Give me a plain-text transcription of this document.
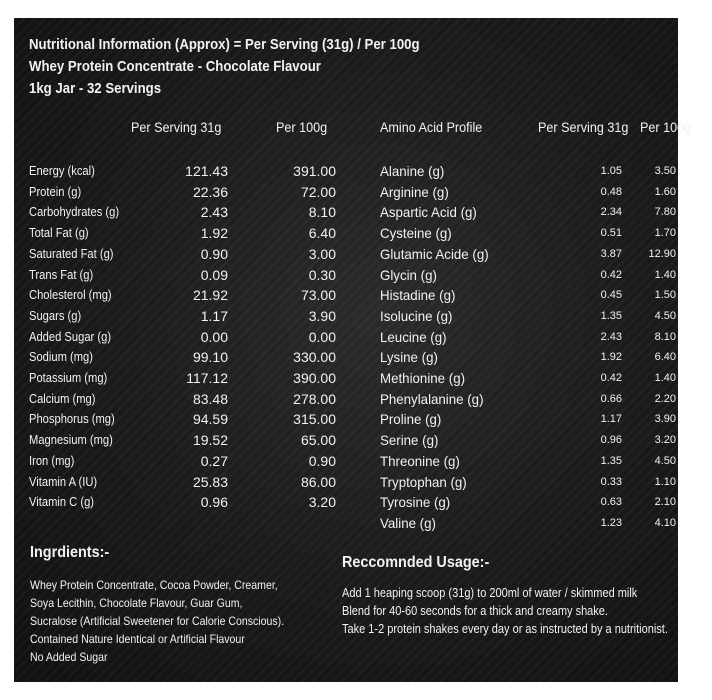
Nutritional Information (Approx) = Per Serving (31g) / Per 100g
Whey Protein Concentrate - Chocolate Flavour
1kg Jar - 32 Servings
Per Serving 31g	Per 100g	Amino Acid Profile	Per Serving 31g Per 100g
Energy (kcal)	121.43	391.00
Protein (g)	22.36	72.00
Carbohydrates (g)	2.43	8.10
Total Fat (g)	1.92	6.40
Saturated Fat (g)	0.90	3.00
Trans Fat (g)	0.09	0.30
Cholesterol (mg)	21.92	73.00
Sugars (g)	1.17	3.90
Added Sugar (g)	0.00	0.00
Sodium (mg)	99.10	330.00
Potassium (mg)	117.12	390.00
Calcium (mg)	83.48	278.00
Phosphorus (mg)	94.59	315.00
Magnesium (mg)	19.52	65.00
Iron (mg)	0.27	0.90
Vitamin A (IU)	25.83	86.00
Vitamin C (g)	0.96	3.20
Alanine (g)	1.05	3.50
Arginine (g)	0.48	1.60
Aspartic Acid (g)	2.34	7.80
Cysteine (g)	0.51	1.70
Glutamic Acide (g)	3.87	12.90
Glycin (g)	0.42	1.40
Histadine (g)	0.45	1.50
Isolucine (g)	1.35	4.50
Leucine (g)	2.43	8.10
Lysine (g)	1.92	6.40
Methionine (g)	0.42	1.40
Phenylalanine (g)	0.66	2.20
Proline (g)	1.17	3.90
Serine (g)	0.96	3.20
Threonine (g)	1.35	4.50
Tryptophan (g)	0.33	1.10
Tyrosine (g)	0.63	2.10
Valine (g)	1.23	4.10
Ingrdients:-
Whey Protein Concentrate, Cocoa Powder, Creamer,
Soya Lecithin, Chocolate Flavour, Guar Gum,
Sucralose (Artificial Sweetener for Calorie Conscious).
Contained Nature Identical or Artificial Flavour
No Added Sugar
Reccomnded Usage:-
Add 1 heaping scoop (31g) to 200ml of water / skimmed milk
Blend for 40-60 seconds for a thick and creamy shake.
Take 1-2 protein shakes every day or as instructed by a nutritionist.
